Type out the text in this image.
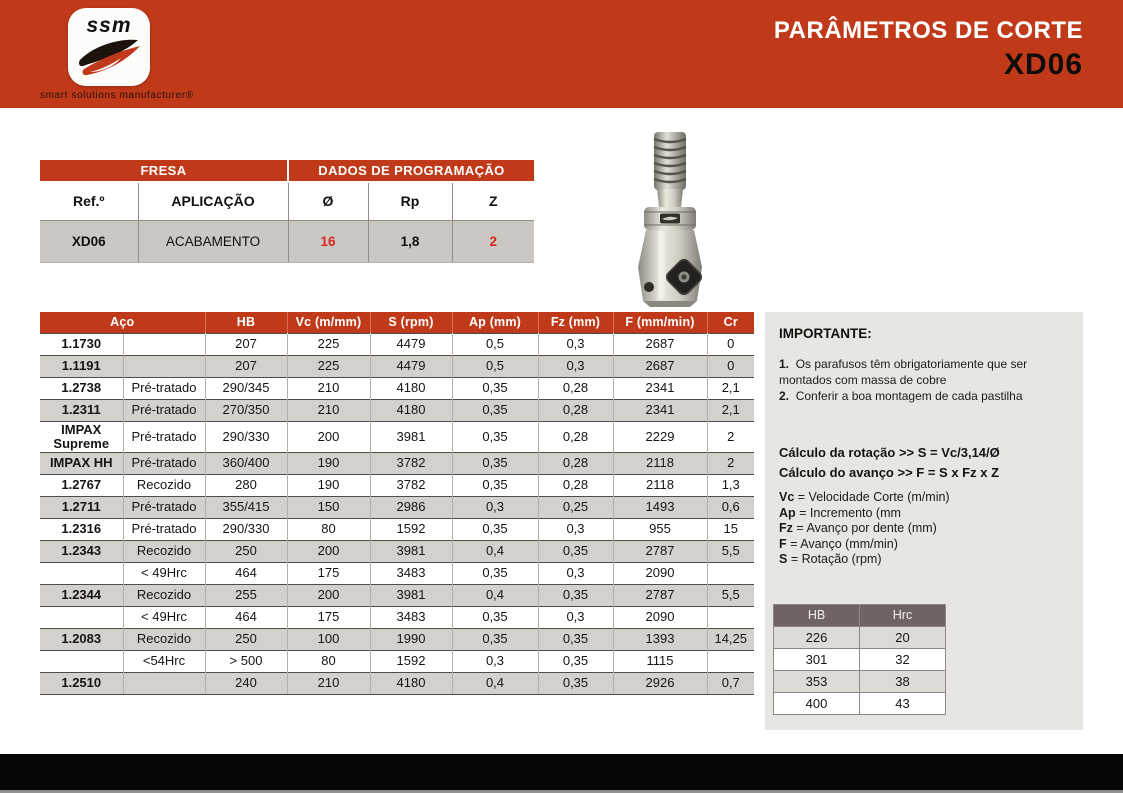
ssm
smart solutions manufacturer®
PARÂMETROS DE CORTE
XD06
FRESA		DADOS DE PROGRAMAÇÃO		
Ref.º	APLICAÇÃO	Ø	Rp	Z
XD06	ACABAMENTO	16	1,8	2
Aço		HB	Vc (m/mm)	S (rpm)	Ap (mm)	Fz (mm)	F (mm/min)	Cr
1.1730		207	225	4479	0,5	0,3	2687	0
1.1191		207	225	4479	0,5	0,3	2687	0
1.2738	Pré-tratado	290/345	210	4180	0,35	0,28	2341	2,1
1.2311	Pré-tratado	270/350	210	4180	0,35	0,28	2341	2,1
IMPAX Supreme	Pré-tratado	290/330	200	3981	0,35	0,28	2229	2
IMPAX HH	Pré-tratado	360/400	190	3782	0,35	0,28	2118	2
1.2767	Recozido	280	190	3782	0,35	0,28	2118	1,3
1.2711	Pré-tratado	355/415	150	2986	0,3	0,25	1493	0,6
1.2316	Pré-tratado	290/330	80	1592	0,35	0,3	955	15
1.2343	Recozido	250	200	3981	0,4	0,35	2787	5,5
	< 49Hrc	464	175	3483	0,35	0,3	2090	
1.2344	Recozido	255	200	3981	0,4	0,35	2787	5,5
	< 49Hrc	464	175	3483	0,35	0,3	2090	
1.2083	Recozido	250	100	1990	0,35	0,35	1393	14,25
	<54Hrc	> 500	80	1592	0,3	0,35	1115	
1.2510		240	210	4180	0,4	0,35	2926	0,7
IMPORTANTE:
1. Os parafusos têm obrigatoriamente que ser montados com massa de cobre
2. Conferir a boa montagem de cada pastilha
Cálculo da rotação >> S = Vc/3,14/Ø
Cálculo do avanço >> F = S x Fz x Z
Vc = Velocidade Corte (m/min)
Ap = Incremento (mm
Fz = Avanço por dente (mm)
F = Avanço (mm/min)
S = Rotação (rpm)
HB	Hrc
226	20
301	32
353	38
400	43
